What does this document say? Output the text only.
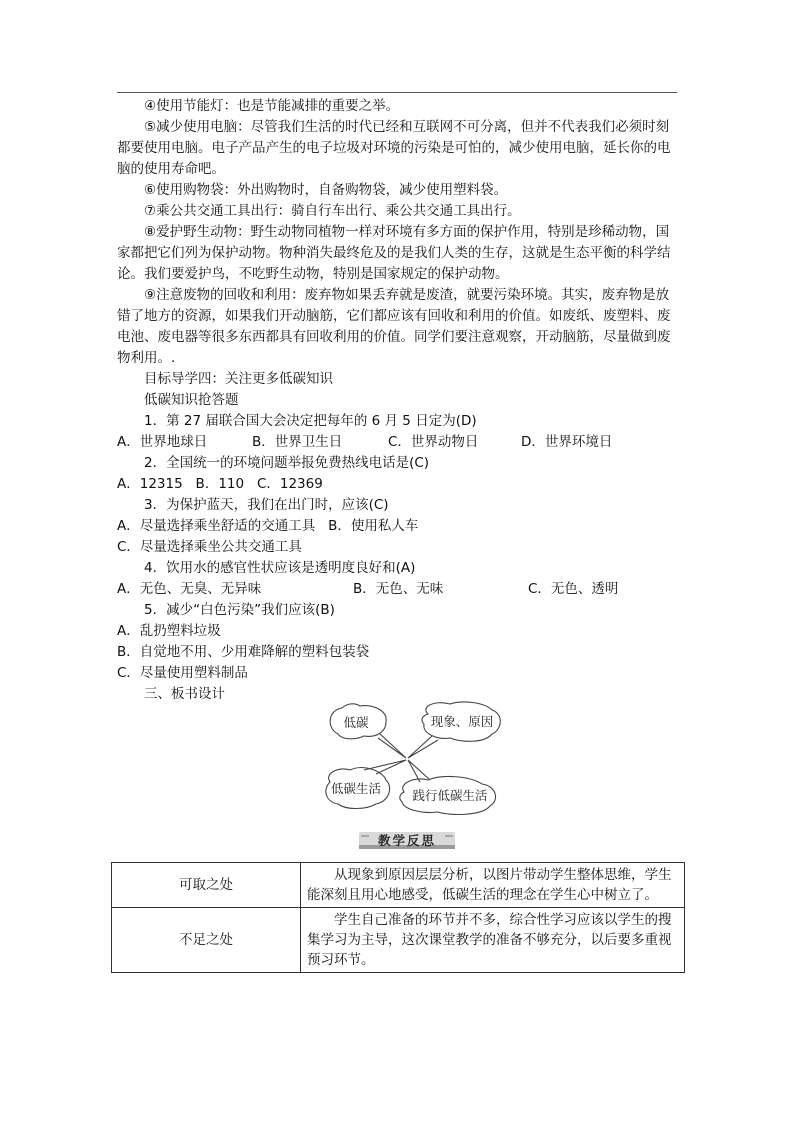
④使用节能灯：也是节能减排的重要之举。

⑤减少使用电脑：尽管我们生活的时代已经和互联网不可分离，但并不代表我们必须时刻都要使用电脑。电子产品产生的电子垃圾对环境的污染是可怕的，减少使用电脑，延长你的电脑的使用寿命吧。

⑥使用购物袋：外出购物时，自备购物袋，减少使用塑料袋。

⑦乘公共交通工具出行：骑自行车出行、乘公共交通工具出行。

⑧爱护野生动物：野生动物同植物一样对环境有多方面的保护作用，特别是珍稀动物，国家都把它们列为保护动物。物种消失最终危及的是我们人类的生存，这就是生态平衡的科学结论。我们要爱护鸟，不吃野生动物，特别是国家规定的保护动物。

⑨注意废物的回收和利用：废弃物如果丢弃就是废渣，就要污染环境。其实，废弃物是放错了地方的资源，如果我们开动脑筋，它们都应该有回收和利用的价值。如废纸、废塑料、废电池、废电器等很多东西都具有回收利用的价值。同学们要注意观察，开动脑筋，尽量做到废物利用。.

目标导学四：关注更多低碳知识

低碳知识抢答题

1．第 27 届联合国大会决定把每年的 6 月 5 日定为(D)

A．世界地球日	B．世界卫生日	C．世界动物日	D．世界环境日

2．全国统一的环境问题举报免费热线电话是(C)

A．12315   B．110   C．12369

3．为保护蓝天，我们在出门时，应该(C)

A．尽量选择乘坐舒适的交通工具   B．使用私人车

C．尽量选择乘坐公共交通工具

4．饮用水的感官性状应该是透明度良好和(A)

A．无色、无臭、无异味	B．无色、无味	C．无色、透明

5．减少“白色污染”我们应该(B)

A．乱扔塑料垃圾

B．自觉地不用、少用难降解的塑料包装袋

C．尽量使用塑料制品

三、板书设计

低碳	现象、原因
低碳生活	践行低碳生活
教学反思
可取之处	从现象到原因层层分析，以图片带动学生整体思维，学生能深刻且用心地感受，低碳生活的理念在学生心中树立了。
不足之处	学生自己准备的环节并不多，综合性学习应该以学生的搜集学习为主导，这次课堂教学的准备不够充分，以后要多重视预习环节。
